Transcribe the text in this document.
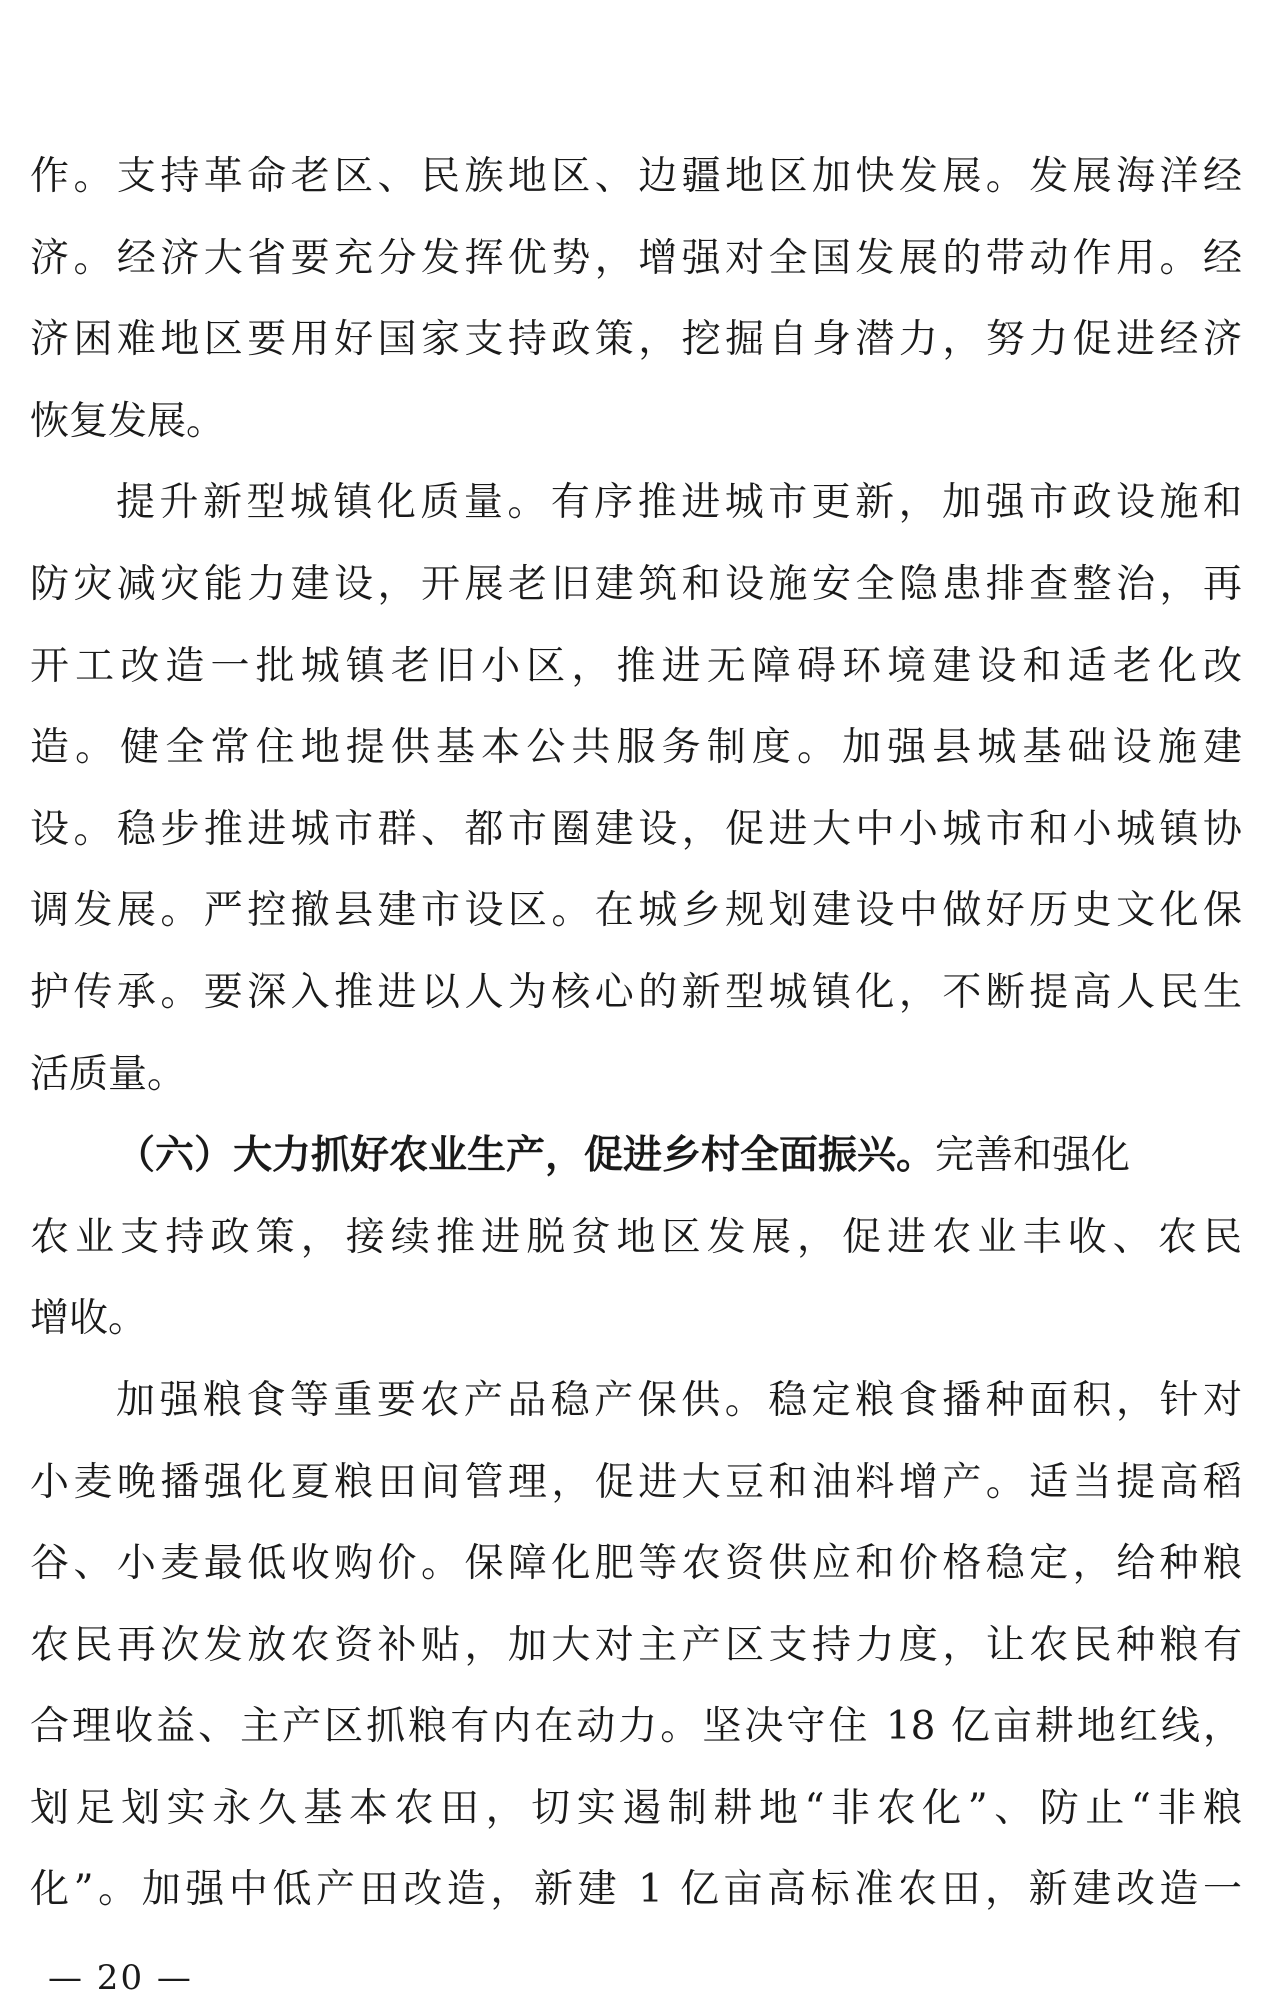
作。支持革命老区、民族地区、边疆地区加快发展。发展海洋经
济。经济大省要充分发挥优势，增强对全国发展的带动作用。经
济困难地区要用好国家支持政策，挖掘自身潜力，努力促进经济
恢复发展。
提升新型城镇化质量。有序推进城市更新，加强市政设施和
防灾减灾能力建设，开展老旧建筑和设施安全隐患排查整治，再
开工改造一批城镇老旧小区，推进无障碍环境建设和适老化改
造。健全常住地提供基本公共服务制度。加强县城基础设施建
设。稳步推进城市群、都市圈建设，促进大中小城市和小城镇协
调发展。严控撤县建市设区。在城乡规划建设中做好历史文化保
护传承。要深入推进以人为核心的新型城镇化，不断提高人民生
活质量。
（六）大力抓好农业生产，促进乡村全面振兴。完善和强化
农业支持政策，接续推进脱贫地区发展，促进农业丰收、农民
增收。
加强粮食等重要农产品稳产保供。稳定粮食播种面积，针对
小麦晚播强化夏粮田间管理，促进大豆和油料增产。适当提高稻
谷、小麦最低收购价。保障化肥等农资供应和价格稳定，给种粮
农民再次发放农资补贴，加大对主产区支持力度，让农民种粮有
合理收益、主产区抓粮有内在动力。坚决守住 18 亿亩耕地红线，
划足划实永久基本农田，切实遏制耕地“非农化”、防止“非粮
化”。加强中低产田改造，新建 1 亿亩高标准农田，新建改造一
— 20 —
